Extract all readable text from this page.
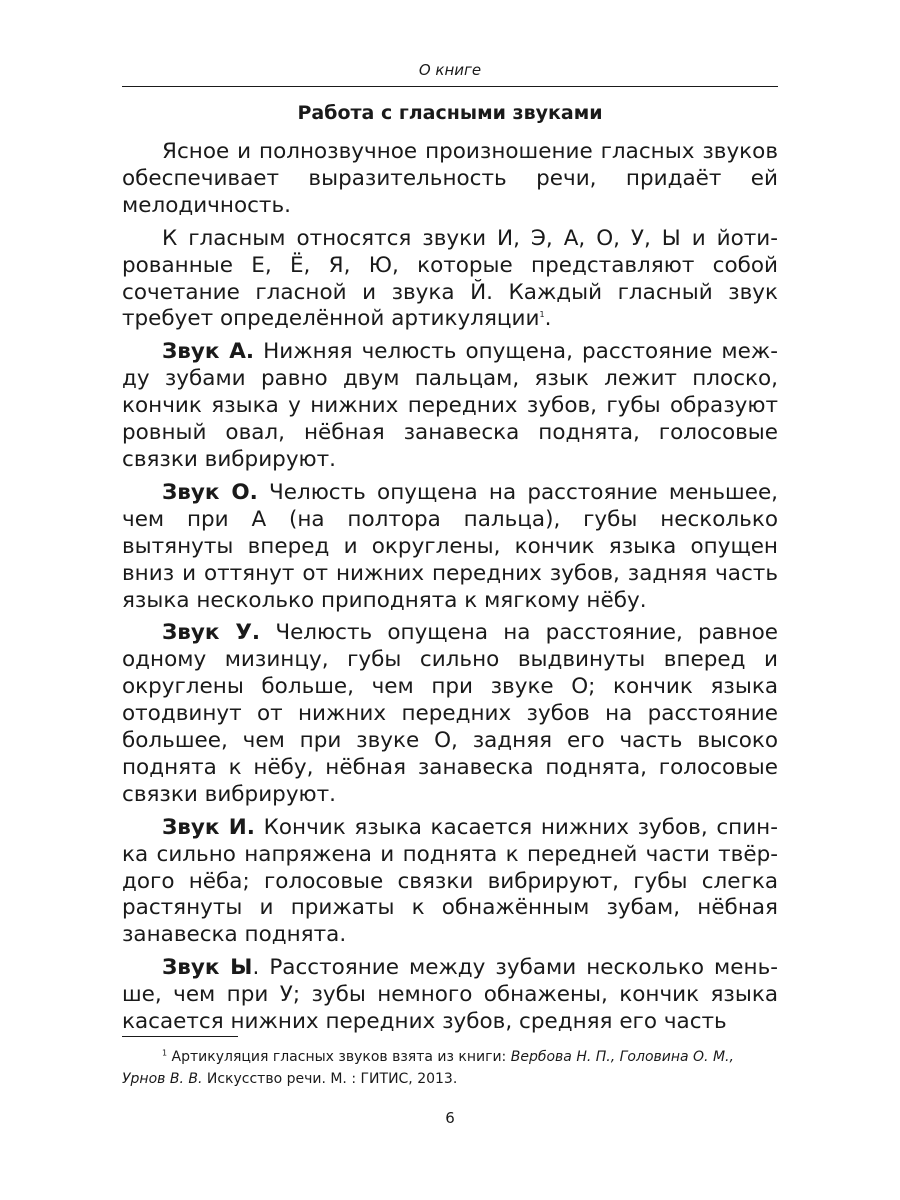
О книге
Работа с гласными звуками

Ясное и полнозвучное произношение гласных звуков обеспечивает выразительность речи, придаёт ей мелодичность.

К гласным относятся звуки И, Э, А, О, У, Ы и йотированные Е, Ё, Я, Ю, которые представляют собой сочетание гласной и звука Й. Каждый гласный звук требует определённой артикуляции$^1$.

Звук А. Нижняя челюсть опущена, расстояние между зубами равно двум пальцам, язык лежит плоско, кончик языка у нижних передних зубов, губы образуют ровный овал, нёбная занавеска поднята, голосовые связки вибрируют.

Звук О. Челюсть опущена на расстояние меньшее, чем при А (на полтора пальца), губы несколько вытянуты вперед и округлены, кончик языка опущен вниз и оттянут от нижних передних зубов, задняя часть языка несколько приподнята к мягкому нёбу.

Звук У. Челюсть опущена на расстояние, равное одному мизинцу, губы сильно выдвинуты вперед и округлены больше, чем при звуке О; кончик языка отодвинут от нижних передних зубов на расстояние большее, чем при звуке О, задняя его часть высоко поднята к нёбу, нёбная занавеска поднята, голосовые связки вибрируют.

Звук И. Кончик языка касается нижних зубов, спинка сильно напряжена и поднята к передней части твёрдого нёба; голосовые связки вибрируют, губы слегка растянуты и прижаты к обнажённым зубам, нёбная занавеска поднята.

Звук Ы. Расстояние между зубами несколько меньше, чем при У; зубы немного обнажены, кончик языка касается нижних передних зубов, средняя его часть

$^1$ Артикуляция гласных звуков взята из книги: Вербова Н. П., Головина О. М., Урнов В. В. Искусство речи. М. : ГИТИС, 2013.
6
